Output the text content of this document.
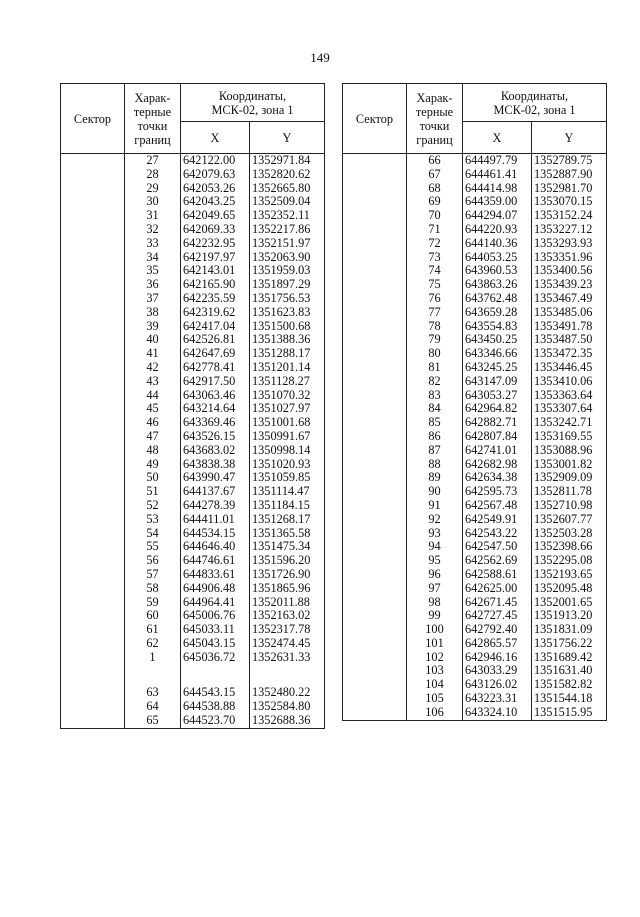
149
Сектор	Харак-
терные
точки
границ	Координаты,
МСК-02, зона 1	
		X	Y
	27	642122.00	1352971.84
	28	642079.63	1352820.62
	29	642053.26	1352665.80
	30	642043.25	1352509.04
	31	642049.65	1352352.11
	32	642069.33	1352217.86
	33	642232.95	1352151.97
	34	642197.97	1352063.90
	35	642143.01	1351959.03
	36	642165.90	1351897.29
	37	642235.59	1351756.53
	38	642319.62	1351623.83
	39	642417.04	1351500.68
	40	642526.81	1351388.36
	41	642647.69	1351288.17
	42	642778.41	1351201.14
	43	642917.50	1351128.27
	44	643063.46	1351070.32
	45	643214.64	1351027.97
	46	643369.46	1351001.68
	47	643526.15	1350991.67
	48	643683.02	1350998.14
	49	643838.38	1351020.93
	50	643990.47	1351059.85
	51	644137.67	1351114.47
	52	644278.39	1351184.15
	53	644411.01	1351268.17
	54	644534.15	1351365.58
	55	644646.40	1351475.34
	56	644746.61	1351596.20
	57	644833.61	1351726.90
	58	644906.48	1351865.96
	59	644964.41	1352011.88
	60	645006.76	1352163.02
	61	645033.11	1352317.78
	62	645043.15	1352474.45
	1	645036.72	1352631.33

	63	644543.15	1352480.22
	64	644538.88	1352584.80
	65	644523.70	1352688.36
Сектор	Харак-
терные
точки
границ	Координаты,
МСК-02, зона 1	
		X	Y
	66	644497.79	1352789.75
	67	644461.41	1352887.90
	68	644414.98	1352981.70
	69	644359.00	1353070.15
	70	644294.07	1353152.24
	71	644220.93	1353227.12
	72	644140.36	1353293.93
	73	644053.25	1353351.96
	74	643960.53	1353400.56
	75	643863.26	1353439.23
	76	643762.48	1353467.49
	77	643659.28	1353485.06
	78	643554.83	1353491.78
	79	643450.25	1353487.50
	80	643346.66	1353472.35
	81	643245.25	1353446.45
	82	643147.09	1353410.06
	83	643053.27	1353363.64
	84	642964.82	1353307.64
	85	642882.71	1353242.71
	86	642807.84	1353169.55
	87	642741.01	1353088.96
	88	642682.98	1353001.82
	89	642634.38	1352909.09
	90	642595.73	1352811.78
	91	642567.48	1352710.98
	92	642549.91	1352607.77
	93	642543.22	1352503.28
	94	642547.50	1352398.66
	95	642562.69	1352295.08
	96	642588.61	1352193.65
	97	642625.00	1352095.48
	98	642671.45	1352001.65
	99	642727.45	1351913.20
	100	642792.40	1351831.09
	101	642865.57	1351756.22
	102	642946.16	1351689.42
	103	643033.29	1351631.40
	104	643126.02	1351582.82
	105	643223.31	1351544.18
	106	643324.10	1351515.95
